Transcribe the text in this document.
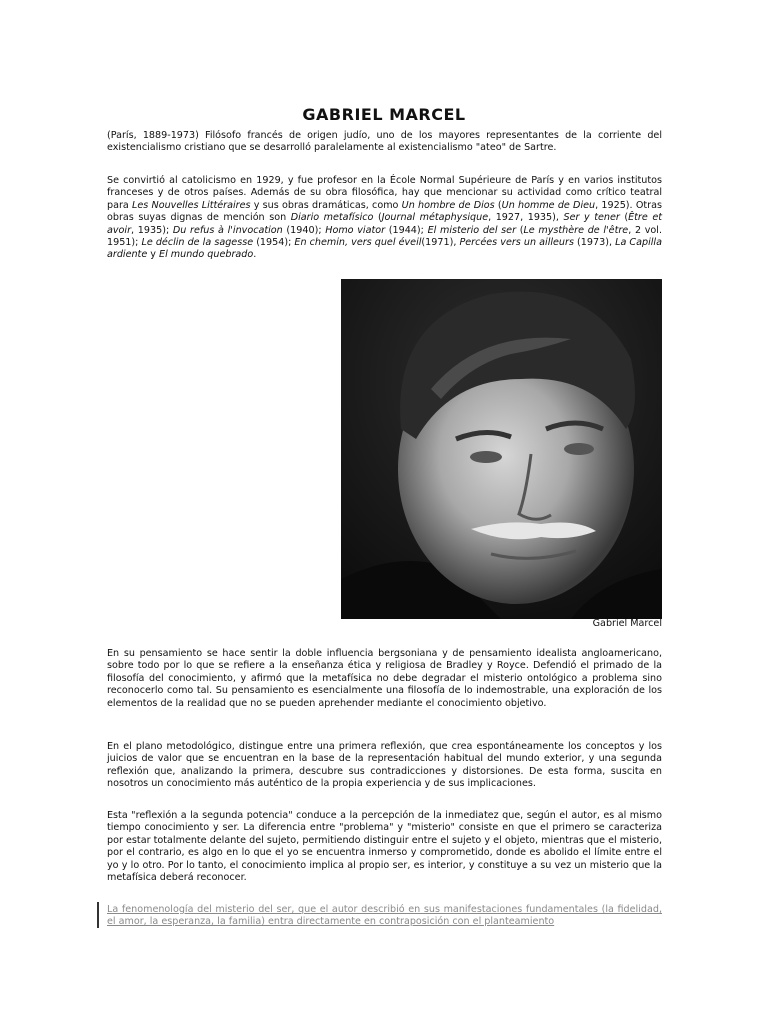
GABRIEL MARCEL

(París, 1889-1973) Filósofo francés de origen judío, uno de los mayores representantes de la corriente del existencialismo cristiano que se desarrolló paralelamente al existencialismo "ateo" de Sartre.

Se convirtió al catolicismo en 1929, y fue profesor en la École Normal Supérieure de París y en varios institutos franceses y de otros países. Además de su obra filosófica, hay que mencionar su actividad como crítico teatral para Les Nouvelles Littéraires y sus obras dramáticas, como Un hombre de Dios (Un homme de Dieu, 1925). Otras obras suyas dignas de mención son Diario metafísico (Journal métaphysique, 1927, 1935), Ser y tener (Être et avoir, 1935); Du refus à l'invocation (1940); Homo viator (1944); El misterio del ser (Le mysthère de l'être, 2 vol. 1951); Le déclin de la sagesse (1954); En chemin, vers quel éveil(1971), Percées vers un ailleurs (1973), La Capilla ardiente y El mundo quebrado.

Gabriel Marcel

En su pensamiento se hace sentir la doble influencia bergsoniana y de pensamiento idealista angloamericano, sobre todo por lo que se refiere a la enseñanza ética y religiosa de Bradley y Royce. Defendió el primado de la filosofía del conocimiento, y afirmó que la metafísica no debe degradar el misterio ontológico a problema sino reconocerlo como tal. Su pensamiento es esencialmente una filosofía de lo indemostrable, una exploración de los elementos de la realidad que no se pueden aprehender mediante el conocimiento objetivo.

En el plano metodológico, distingue entre una primera reflexión, que crea espontáneamente los conceptos y los juicios de valor que se encuentran en la base de la representación habitual del mundo exterior, y una segunda reflexión que, analizando la primera, descubre sus contradicciones y distorsiones. De esta forma, suscita en nosotros un conocimiento más auténtico de la propia experiencia y de sus implicaciones.

Esta "reflexión a la segunda potencia" conduce a la percepción de la inmediatez que, según el autor, es al mismo tiempo conocimiento y ser. La diferencia entre "problema" y "misterio" consiste en que el primero se caracteriza por estar totalmente delante del sujeto, permitiendo distinguir entre el sujeto y el objeto, mientras que el misterio, por el contrario, es algo en lo que el yo se encuentra inmerso y comprometido, donde es abolido el límite entre el yo y lo otro. Por lo tanto, el conocimiento implica al propio ser, es interior, y constituye a su vez un misterio que la metafísica deberá reconocer.

La fenomenología del misterio del ser, que el autor describió en sus manifestaciones fundamentales (la fidelidad, el amor, la esperanza, la familia) entra directamente en contraposición con el planteamiento
